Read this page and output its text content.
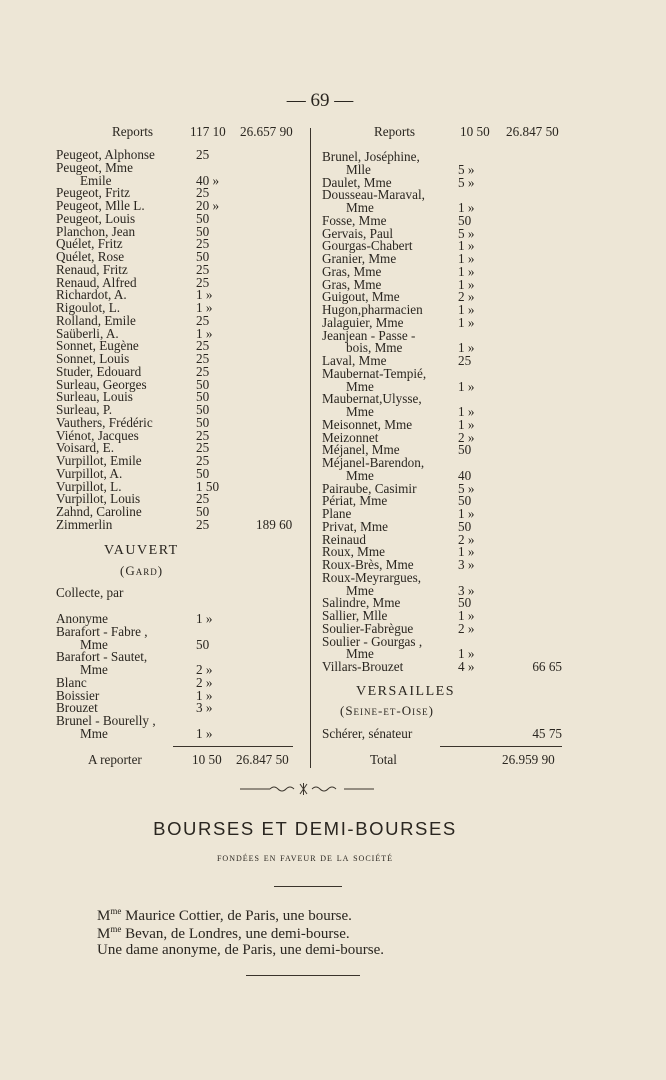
— 69 —
Reports	117 10 26.657 90	Reports	10 50 26.847 50
Peugeot, Alphonse	25
Peugeot, Mme
Emile	40 »
Peugeot, Fritz	25
Peugeot, Mlle L.	20 »
Peugeot, Louis	50
Planchon, Jean	50
Quélet, Fritz	25
Quélet, Rose	50
Renaud, Fritz	25
Renaud, Alfred	25
Richardot, A.	1 »
Rigoulot, L.	1 »
Rolland, Emile	25
Saüberli, A.	1 »
Sonnet, Eugène	25
Sonnet, Louis	25
Studer, Edouard	25
Surleau, Georges	50
Surleau, Louis	50
Surleau, P.	50
Vauthers, Frédéric	50
Viénot, Jacques	25
Voisard, E.	25
Vurpillot, Emile	25
Vurpillot, A.	50
Vurpillot, L.	1 50
Vurpillot, Louis	25
Zahnd, Caroline	50
Zimmerlin	25	189 60
VAUVERT
(Gard)
Collecte, par
Anonyme	1 »
Barafort - Fabre ,
Mme	50
Barafort - Sautet,
Mme	2 »
Blanc	2 »
Boissier	1 »
Brouzet	3 »
Brunel - Bourelly ,
Mme	1 »
Brunel, Joséphine,
Mlle	5 »
Daulet, Mme	5 »
Dousseau-Maraval,
Mme	1 »
Fosse, Mme	50
Gervais, Paul	5 »
Gourgas-Chabert	1 »
Granier, Mme	1 »
Gras, Mme	1 »
Gras, Mme	1 »
Guigout, Mme	2 »
Hugon,pharmacien	1 »
Jalaguier, Mme	1 »
Jeanjean - Passe -
bois, Mme	1 »
Laval, Mme	25
Maubernat-Tempié,
Mme	1 »
Maubernat,Ulysse,
Mme	1 »
Meisonnet, Mme	1 »
Meizonnet	2 »
Méjanel, Mme	50
Méjanel-Barendon,
Mme	40
Pairaube, Casimir	5 »
Périat, Mme	50
Plane	1 »
Privat, Mme	50
Reinaud	2 »
Roux, Mme	1 »
Roux-Brès, Mme	3 »
Roux-Meyrargues,
Mme	3 »
Salindre, Mme	50
Sallier, Mlle	1 »
Soulier-Fabrègue	2 »
Soulier - Gourgas ,
Mme	1 »
Villars-Brouzet	4 »	66 65
VERSAILLES
(Seine-et-Oise)
Schérer, sénateur	45 75
A reporter	10 50 26.847 50	Total	26.959 90
BOURSES ET DEMI-BOURSES
fondées en faveur de la société
$M^{me}$ Maurice Cottier, de Paris, une bourse.
$M^{me}$ Bevan, de Londres, une demi-bourse.
Une dame anonyme, de Paris, une demi-bourse.
